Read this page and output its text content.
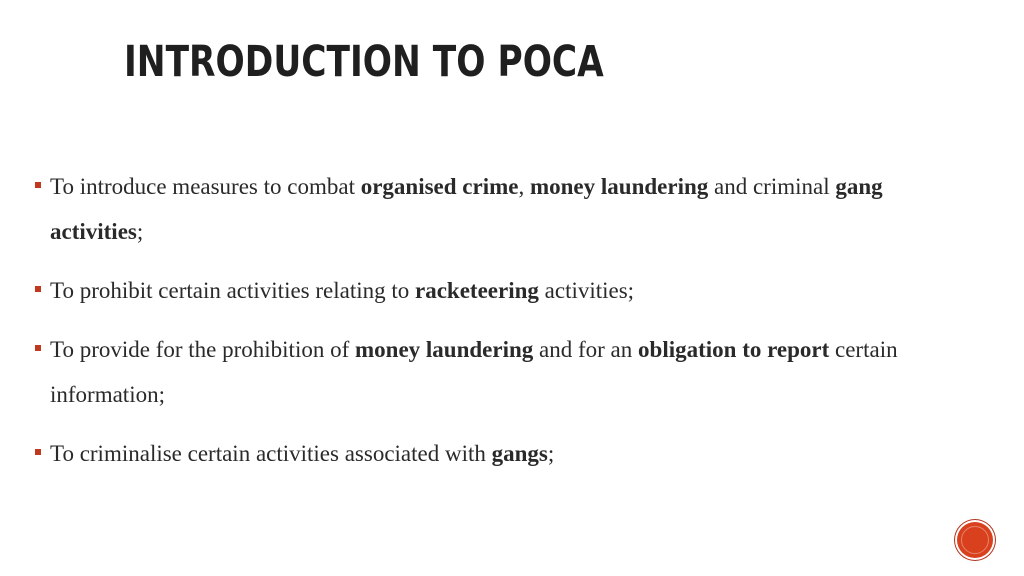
INTRODUCTION TO POCA
To introduce measures to combat organised crime, money laundering and criminal gang activities;
To prohibit certain activities relating to racketeering activities;
To provide for the prohibition of money laundering and for an obligation to report certain information;
To criminalise certain activities associated with gangs;
